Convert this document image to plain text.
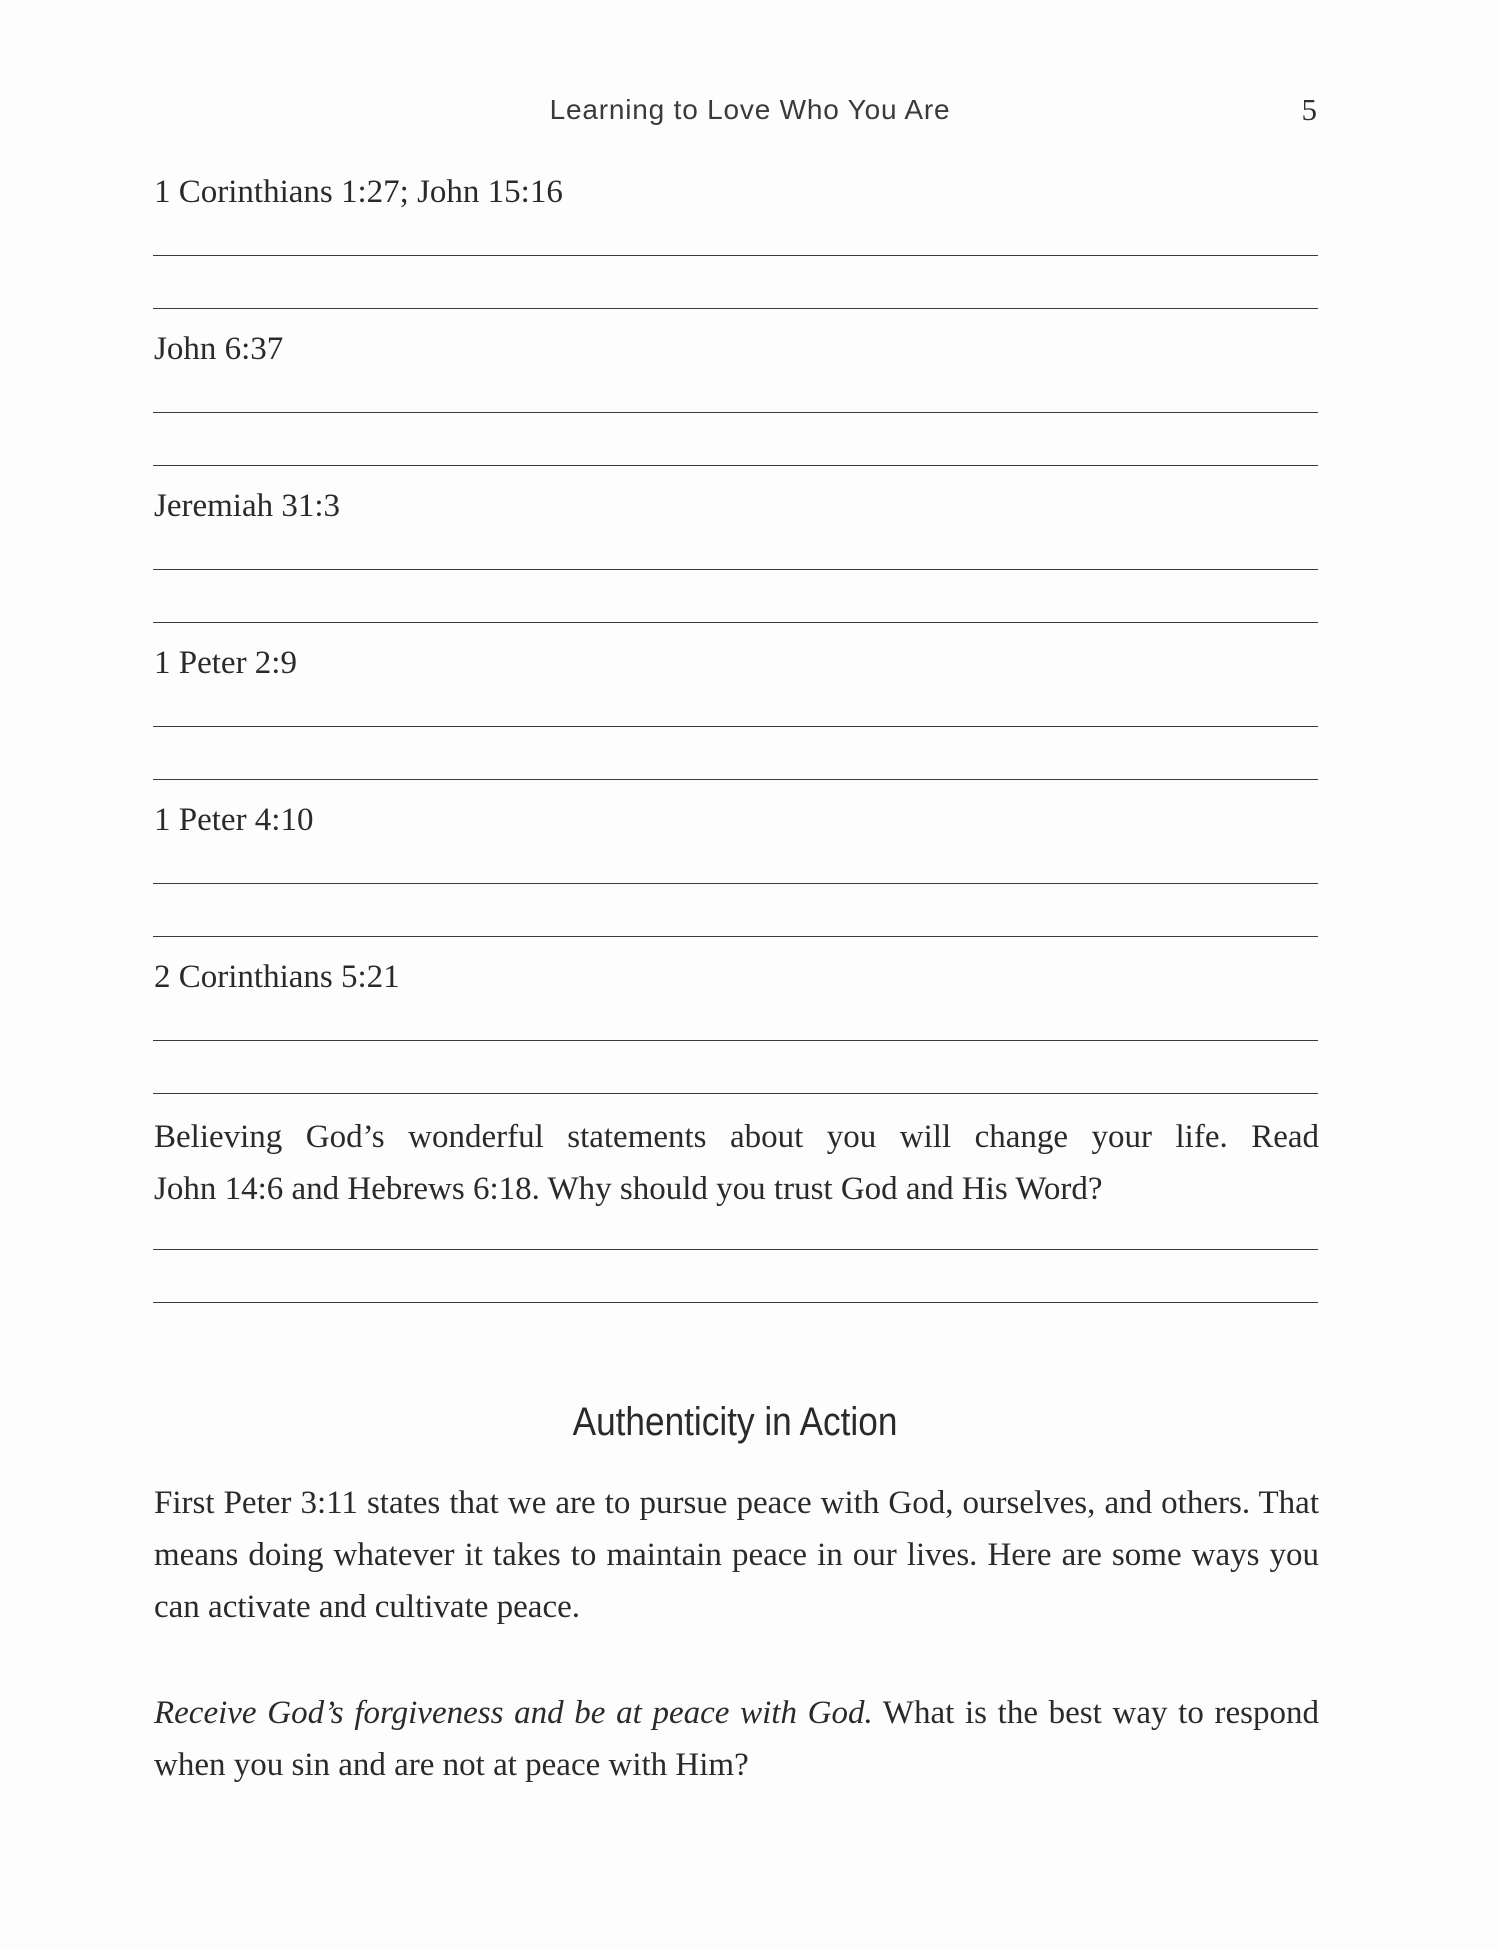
Learning to Love Who You Are	5
1 Corinthians 1:27; John 15:16
John 6:37
Jeremiah 31:3
1 Peter 2:9
1 Peter 4:10
2 Corinthians 5:21
Believing God’s wonderful statements about you will change your life. Read
John 14:6 and Hebrews 6:18. Why should you trust God and His Word?
Authenticity in Action
First Peter 3:11 states that we are to pursue peace with God, ourselves, and others. That means doing whatever it takes to maintain peace in our lives. Here are some ways you can activate and cultivate peace.
Receive God’s forgiveness and be at peace with God. What is the best way to respond when you sin and are not at peace with Him?
